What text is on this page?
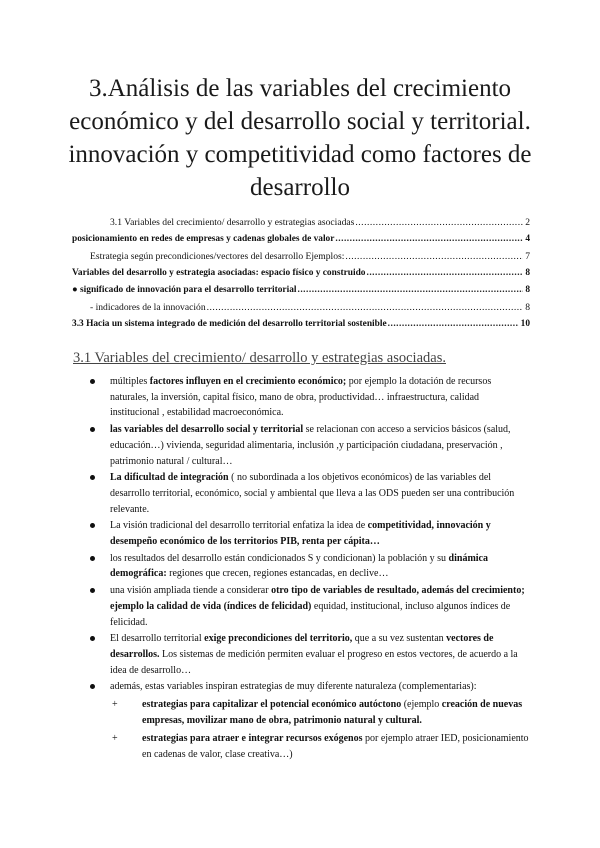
3.Análisis de las variables del crecimiento económico y del desarrollo social y territorial. innovación y competitividad como factores de desarrollo
3.1 Variables del crecimiento/ desarrollo y estrategias asociadas .....	2
posicionamiento en redes de empresas y cadenas globales de valor .....	4
Estrategia según precondiciones/vectores del desarrollo Ejemplos: .....	7
Variables del desarrollo y estrategia asociadas: espacio físico y construido .....	8
● significado de innovación para el desarrollo territorial .....	8
- indicadores de la innovación .....	8
3.3 Hacia un sistema integrado de medición del desarrollo territorial sostenible .....	10
3.1 Variables del crecimiento/ desarrollo y estrategias asociadas.
múltiples factores influyen en el crecimiento económico; por ejemplo la dotación de recursos naturales, la inversión, capital físico, mano de obra, productividad… infraestructura, calidad institucional , estabilidad macroeconómica.
las variables del desarrollo social y territorial se relacionan con acceso a servicios básicos (salud, educación…) vivienda, seguridad alimentaria, inclusión ,y participación ciudadana, preservación , patrimonio natural / cultural…
La dificultad de integración ( no subordinada a los objetivos económicos) de las variables del desarrollo territorial, económico, social y ambiental que lleva a las ODS pueden ser una contribución relevante.
La visión tradicional del desarrollo territorial enfatiza la idea de competitividad, innovación y desempeño económico de los territorios PIB, renta per cápita…
los resultados del desarrollo están condicionados S y condicionan) la población y su dinámica demográfica: regiones que crecen, regiones estancadas, en declive…
una visión ampliada tiende a considerar otro tipo de variables de resultado, además del crecimiento; ejemplo la calidad de vida (índices de felicidad) equidad, institucional, incluso algunos índices de felicidad.
El desarrollo territorial exige precondiciones del territorio, que a su vez sustentan vectores de desarrollos. Los sistemas de medición permiten evaluar el progreso en estos vectores, de acuerdo a la idea de desarrollo…
además, estas variables inspiran estrategias de muy diferente naturaleza (complementarias):
+ estrategias para capitalizar el potencial económico autóctono (ejemplo creación de nuevas empresas, movilizar mano de obra, patrimonio natural y cultural.
+ estrategias para atraer e integrar recursos exógenos por ejemplo atraer IED, posicionamiento en cadenas de valor, clase creativa…)
